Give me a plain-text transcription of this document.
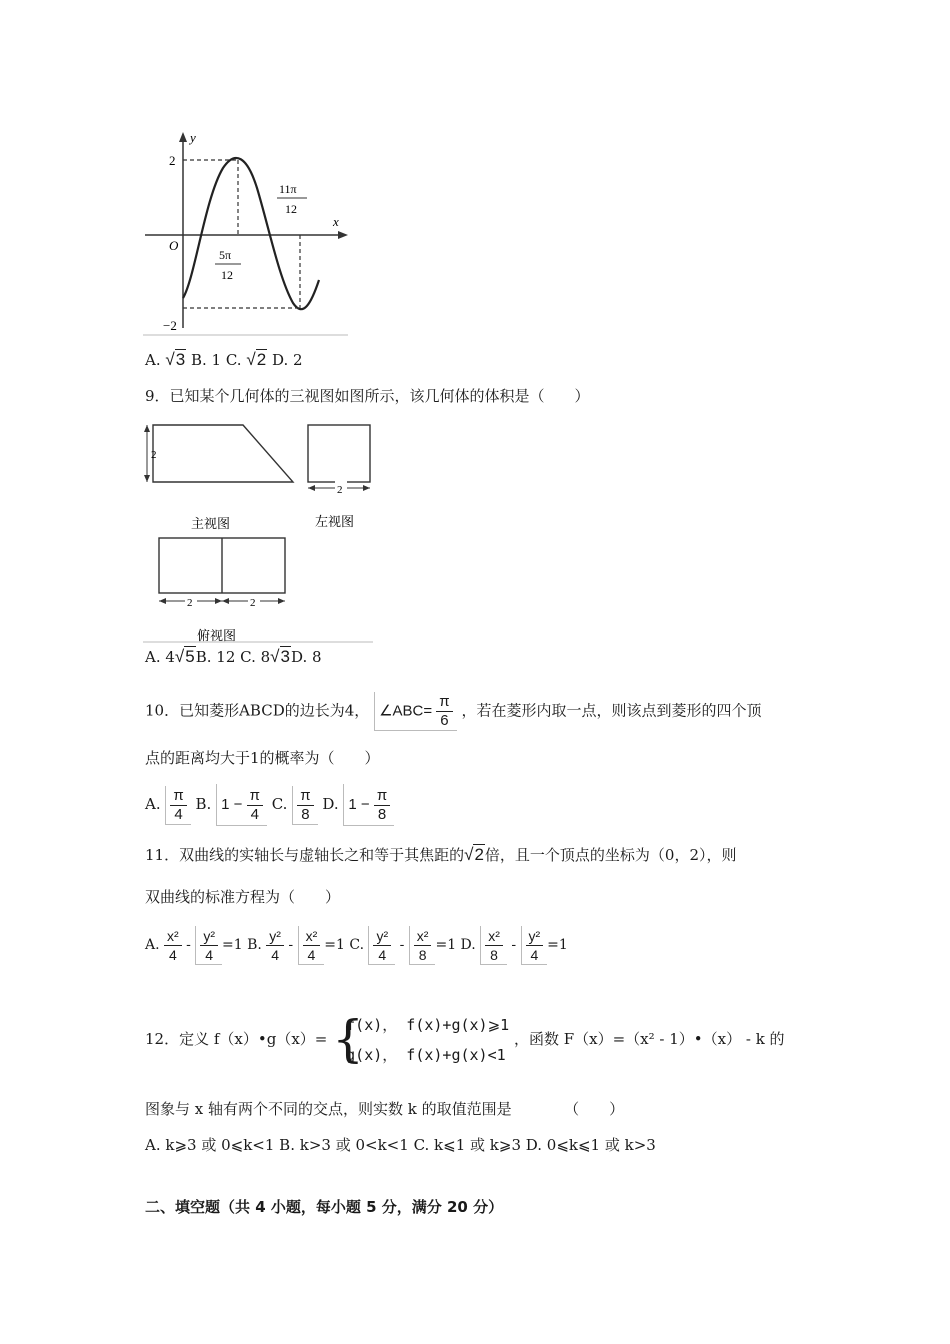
y
x
O
2
−2
11π
12
5π
12
A. √3 B. 1 C. √2 D. 2
9．已知某个几何体的三视图如图所示，该几何体的体积是（　　）
2
2
主视图	左视图
2	2
俯视图
A. 4√5B. 12 C. 8√3D. 8
10．已知菱形ABCD的边长为4， ∠ABC= $\frac{\pi}{6}$ ，若在菱形内取一点，则该点到菱形的四个顶
点的距离均大于1的概率为（　　）
A. $\frac{\pi}{4} B$. $1 - \frac{\pi}{4} C$. $\frac{\pi}{8} D$. $1 - \frac{\pi}{8}$
11．双曲线的实轴长与虚轴长之和等于其焦距的√2倍，且一个顶点的坐标为（0，2），则
双曲线的标准方程为（　　）
A. $\frac{\text{x²}}{4} - \frac{\text{y²}}{4} =1$ B. $\frac{\text{y²}}{4} - \frac{\text{x²}}{4} =1$ C. $\frac{\text{y²}}{4} - \frac{\text{x²}}{8} =1$ D. $\frac{\text{x²}}{8} - \frac{\text{y²}}{4} =1$
12．定义 f（x）•g（x）= {
f(x)， f(x)+g(x)⩾1
g(x)， f(x)+g(x)<1
，函数 F（x）=（x² - 1）•（x） - k 的
图象与 x 轴有两个不同的交点，则实数 k 的取值范围是　　　　（　　）
A. k⩾3 或 0⩽k<1 B. k>3 或 0<k<1 C. k⩽1 或 k⩾3 D. 0⩽k⩽1 或 k>3
二、填空题（共 4 小题，每小题 5 分，满分 20 分）
